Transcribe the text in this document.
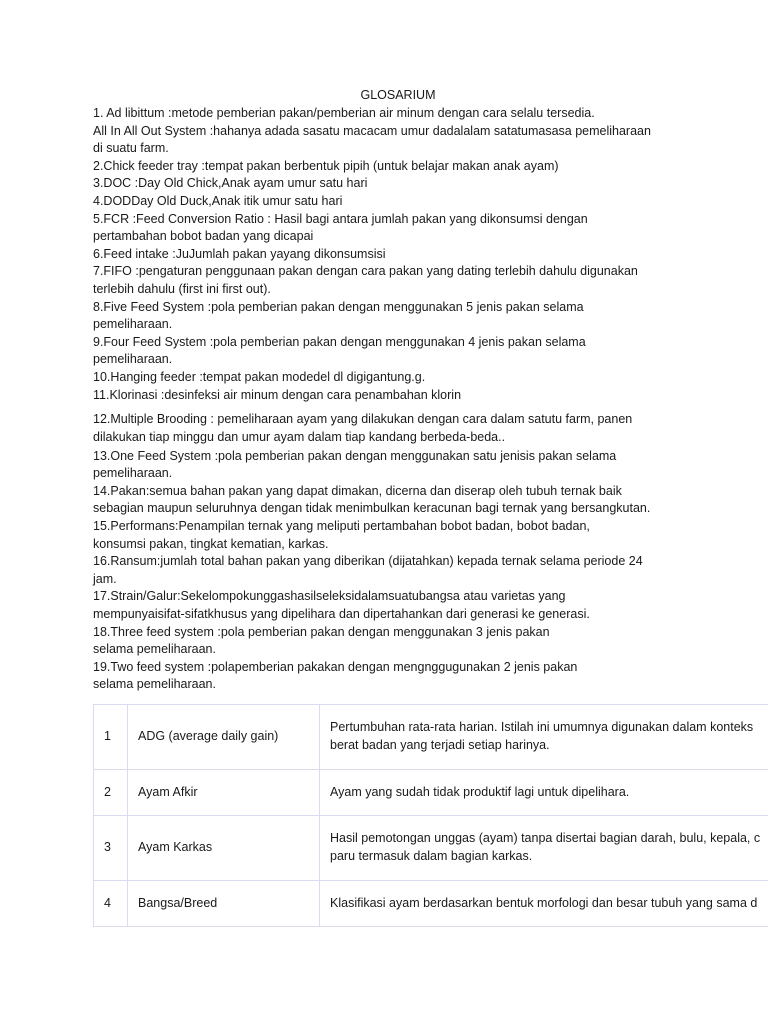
GLOSARIUM
1. Ad libittum :metode pemberian pakan/pemberian air minum dengan cara selalu tersedia.
All In All Out System :hahanya adada sasatu macacam umur dadalalam satatumasasa pemeliharaan
di suatu farm.
2.Chick feeder tray :tempat pakan berbentuk pipih (untuk belajar makan anak ayam)
3.DOC :Day Old Chick,Anak ayam umur satu hari
4.DODDay Old Duck,Anak itik umur satu hari
5.FCR :Feed Conversion Ratio : Hasil bagi antara jumlah pakan yang dikonsumsi dengan
pertambahan bobot badan yang dicapai
6.Feed intake :JuJumlah pakan yayang dikonsumsisi
7.FIFO :pengaturan penggunaan pakan dengan cara pakan yang dating terlebih dahulu digunakan
terlebih dahulu (first ini first out).
8.Five Feed System :pola pemberian pakan dengan menggunakan 5 jenis pakan selama
pemeliharaan.
9.Four Feed System :pola pemberian pakan dengan menggunakan 4 jenis pakan selama
pemeliharaan.
10.Hanging feeder :tempat pakan modedel dl digigantung.g.
11.Klorinasi :desinfeksi air minum dengan cara penambahan klorin
12.Multiple Brooding : pemeliharaan ayam yang dilakukan dengan cara dalam satutu farm, panen
dilakukan tiap minggu dan umur ayam dalam tiap kandang berbeda-beda..
13.One Feed System :pola pemberian pakan dengan menggunakan satu jenisis pakan selama
pemeliharaan.
14.Pakan:semua bahan pakan yang dapat dimakan, dicerna dan diserap oleh tubuh ternak baik
sebagian maupun seluruhnya dengan tidak menimbulkan keracunan bagi ternak yang bersangkutan.
15.Performans:Penampilan ternak yang meliputi pertambahan bobot badan, bobot badan,
konsumsi pakan, tingkat kematian, karkas.
16.Ransum:jumlah total bahan pakan yang diberikan (dijatahkan) kepada ternak selama periode 24
jam.
17.Strain/Galur:Sekelompokunggashasilseleksidalamsuatubangsa atau varietas yang
mempunyaisifat-sifatkhusus yang dipelihara dan dipertahankan dari generasi ke generasi.
18.Three feed system :pola pemberian pakan dengan menggunakan 3 jenis pakan
selama pemeliharaan.
19.Two feed system :polapemberian pakakan dengan mengnggugunakan 2 jenis pakan
selama pemeliharaan.
1	ADG (average daily gain)	Pertumbuhan rata-rata harian. Istilah ini umumnya digunakan dalam konteks
berat badan yang terjadi setiap harinya.

2	Ayam Afkir	Ayam yang sudah tidak produktif lagi untuk dipelihara.

3	Ayam Karkas	Hasil pemotongan unggas (ayam) tanpa disertai bagian darah, bulu, kepala, c
paru termasuk dalam bagian karkas.

4	Bangsa/Breed	Klasifikasi ayam berdasarkan bentuk morfologi dan besar tubuh yang sama d
